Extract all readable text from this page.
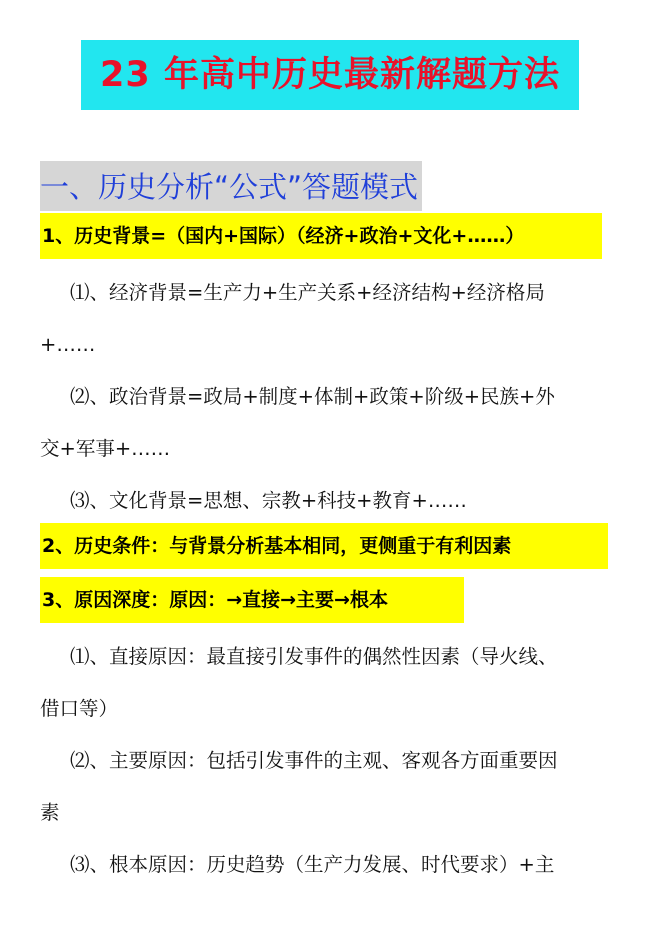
23 年高中历史最新解题方法
一、历史分析“公式”答题模式
1、历史背景=（国内+国际）（经济+政治+文化+……）
⑴、经济背景=生产力+生产关系+经济结构+经济格局
+……
⑵、政治背景=政局+制度+体制+政策+阶级+民族+外
交+军事+……
⑶、文化背景=思想、宗教+科技+教育+……
2、历史条件：与背景分析基本相同，更侧重于有利因素
3、原因深度：原因：→直接→主要→根本
⑴、直接原因：最直接引发事件的偶然性因素（导火线、
借口等）
⑵、主要原因：包括引发事件的主观、客观各方面重要因
素
⑶、根本原因：历史趋势（生产力发展、时代要求）+主
